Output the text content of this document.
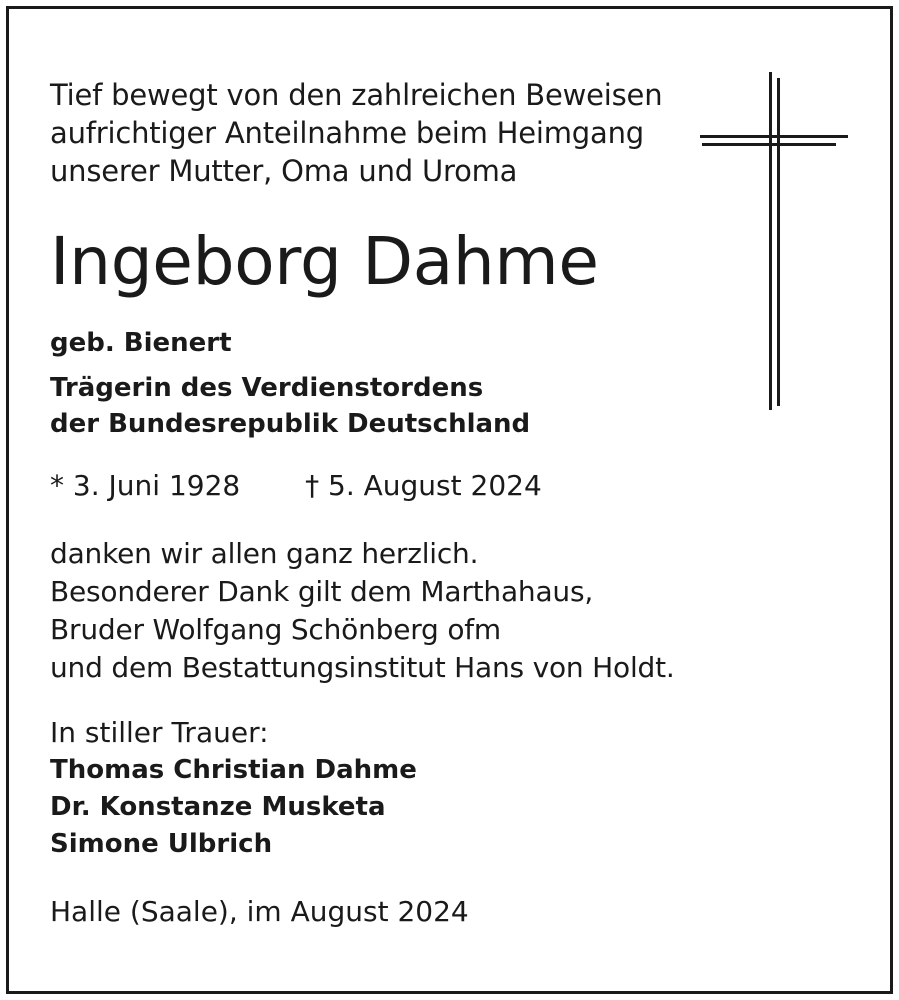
Tief bewegt von den zahlreichen Beweisen
aufrichtiger Anteilnahme beim Heimgang
unserer Mutter, Oma und Uroma

Ingeborg Dahme

geb. Bienert

Trägerin des Verdienstordens
der Bundesrepublik Deutschland

* 3. Juni 1928 † 5. August 2024

danken wir allen ganz herzlich.
Besonderer Dank gilt dem Marthahaus,
Bruder Wolfgang Schönberg ofm
und dem Bestattungsinstitut Hans von Holdt.

In stiller Trauer:

Thomas Christian Dahme
Dr. Konstanze Musketa
Simone Ulbrich

Halle (Saale), im August 2024
